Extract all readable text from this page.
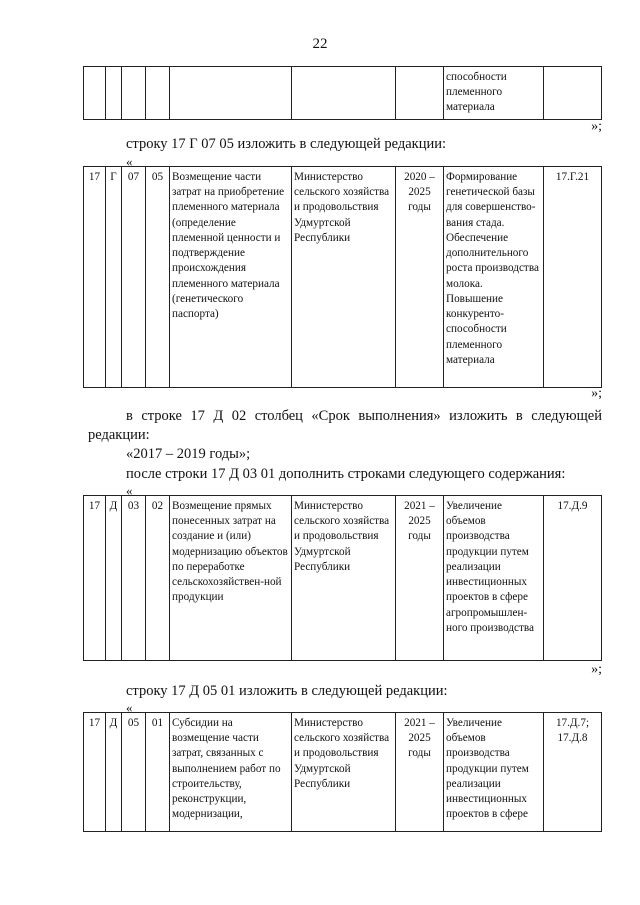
22
							способности племенного материала	
»;
строку 17 Г 07 05 изложить в следующей редакции:
«
17	Г	07	05	Возмещение части затрат на приобретение племенного материала (определение племенной ценности и подтверждение происхождения племенного материала (генетического паспорта)	Министерство сельского хозяйства и продовольствия Удмуртской Республики	2020 – 2025 годы	Формирование генетической базы для совершенство-вания стада. Обеспечение дополнительного роста производства молока. Повышение конкуренто-способности племенного материала	17.Г.21
»;
в строке 17 Д 02 столбец «Срок выполнения» изложить в следующей
редакции:
«2017 – 2019 годы»;
после строки 17 Д 03 01 дополнить строками следующего содержания:
«
17	Д	03	02	Возмещение прямых понесенных затрат на создание и (или) модернизацию объектов по переработке сельскохозяйствен-ной продукции	Министерство сельского хозяйства и продовольствия Удмуртской Республики	2021 – 2025 годы	Увеличение объемов производства продукции путем реализации инвестиционных проектов в сфере агропромышлен-ного производства	17.Д.9
»;
строку 17 Д 05 01 изложить в следующей редакции:
«
17	Д	05	01	Субсидии на возмещение части затрат, связанных с выполнением работ по строительству, реконструкции, модернизации,	Министерство сельского хозяйства и продовольствия Удмуртской Республики	2021 – 2025 годы	Увеличение объемов производства продукции путем реализации инвестиционных проектов в сфере	17.Д.7; 17.Д.8
